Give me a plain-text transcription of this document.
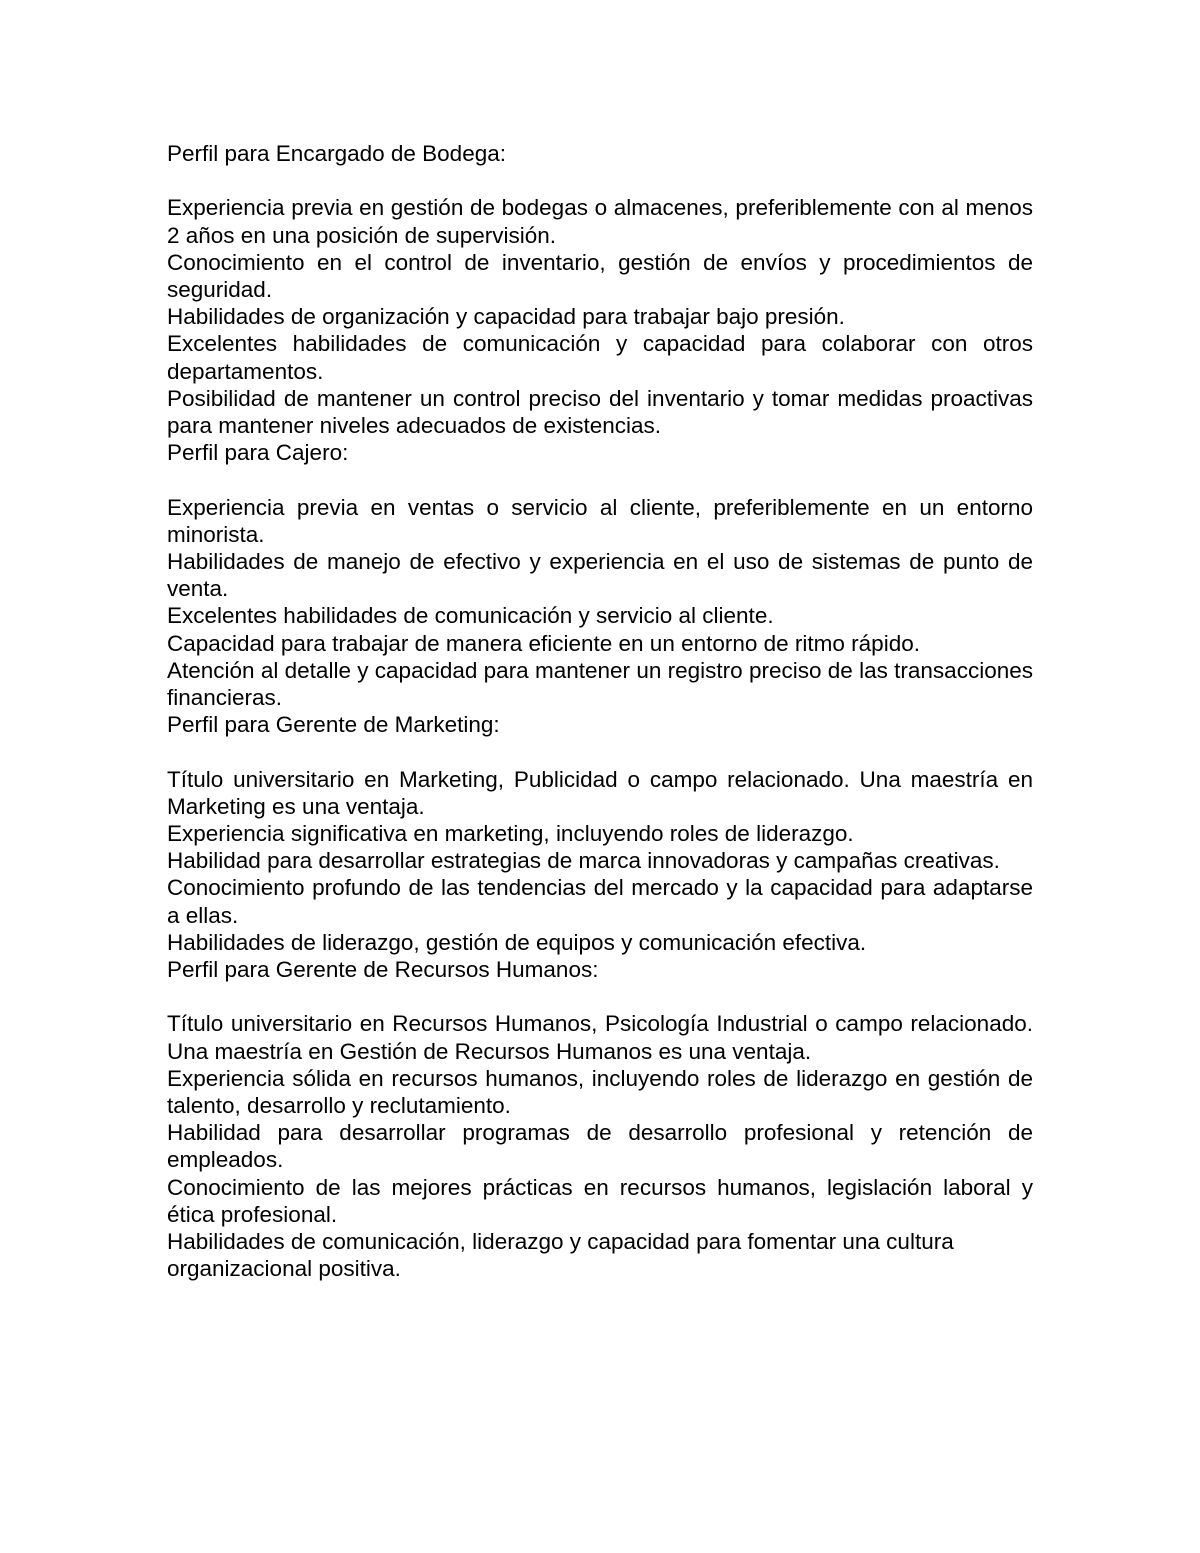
Perfil para Encargado de Bodega:

Experiencia previa en gestión de bodegas o almacenes, preferiblemente con al menos 2 años en una posición de supervisión.

Conocimiento en el control de inventario, gestión de envíos y procedimientos de seguridad.

Habilidades de organización y capacidad para trabajar bajo presión.

Excelentes habilidades de comunicación y capacidad para colaborar con otros departamentos.

Posibilidad de mantener un control preciso del inventario y tomar medidas proactivas para mantener niveles adecuados de existencias.

Perfil para Cajero:

Experiencia previa en ventas o servicio al cliente, preferiblemente en un entorno minorista.

Habilidades de manejo de efectivo y experiencia en el uso de sistemas de punto de venta.

Excelentes habilidades de comunicación y servicio al cliente.

Capacidad para trabajar de manera eficiente en un entorno de ritmo rápido.

Atención al detalle y capacidad para mantener un registro preciso de las transacciones financieras.

Perfil para Gerente de Marketing:

Título universitario en Marketing, Publicidad o campo relacionado. Una maestría en Marketing es una ventaja.

Experiencia significativa en marketing, incluyendo roles de liderazgo.

Habilidad para desarrollar estrategias de marca innovadoras y campañas creativas.

Conocimiento profundo de las tendencias del mercado y la capacidad para adaptarse a ellas.

Habilidades de liderazgo, gestión de equipos y comunicación efectiva.

Perfil para Gerente de Recursos Humanos:

Título universitario en Recursos Humanos, Psicología Industrial o campo relacionado. Una maestría en Gestión de Recursos Humanos es una ventaja.

Experiencia sólida en recursos humanos, incluyendo roles de liderazgo en gestión de talento, desarrollo y reclutamiento.

Habilidad para desarrollar programas de desarrollo profesional y retención de empleados.

Conocimiento de las mejores prácticas en recursos humanos, legislación laboral y ética profesional.

Habilidades de comunicación, liderazgo y capacidad para fomentar una cultura organizacional positiva.
